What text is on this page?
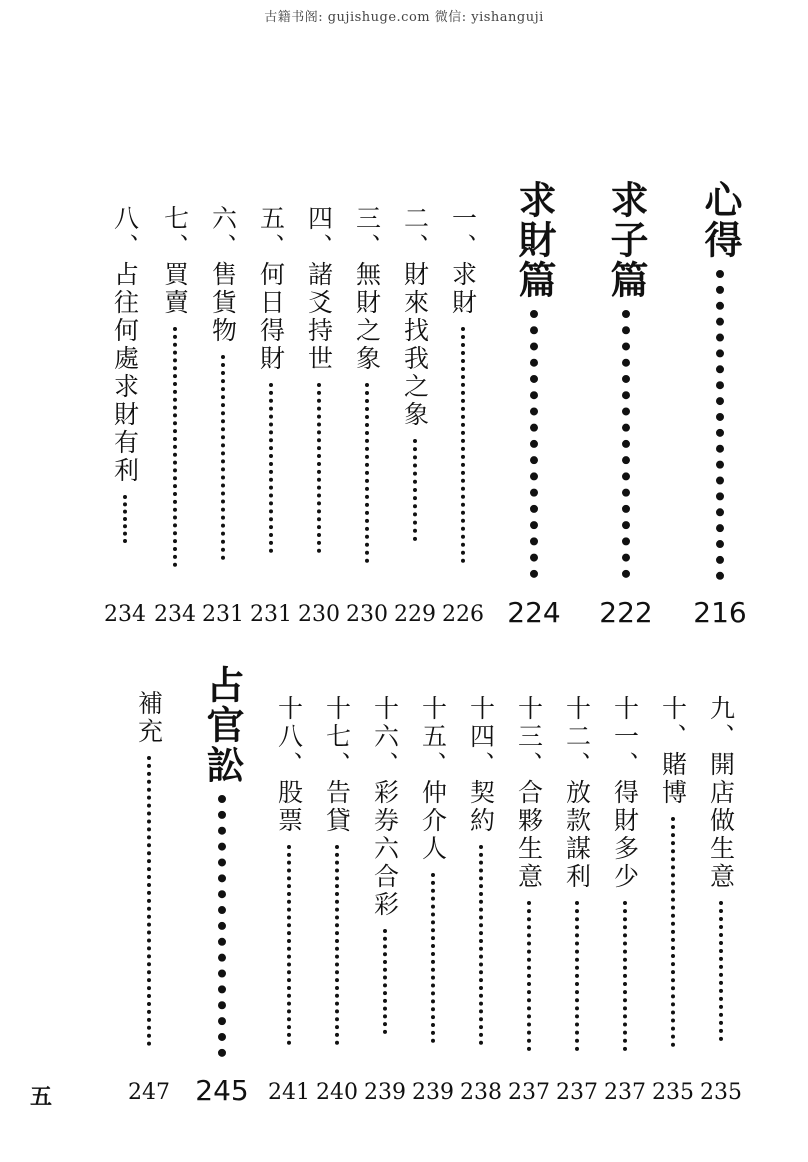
古籍书阁: gujishuge.com 微信: yishanguji
心得
216
求子篇
222
求財篇
224
一、求財
226
二、財來找我之象
229
三、無財之象
230
四、諸爻持世
230
五、何日得財
231
六、售貨物
231
七、買賣
234
八、占往何處求財有利
234
九、開店做生意
235
十、賭博
235
十一、得財多少
237
十二、放款謀利
237
十三、合夥生意
237
十四、契約
238
十五、仲介人
239
十六、彩券六合彩
239
十七、告貸
240
十八、股票
241
占官訟
245
補充
247
五
